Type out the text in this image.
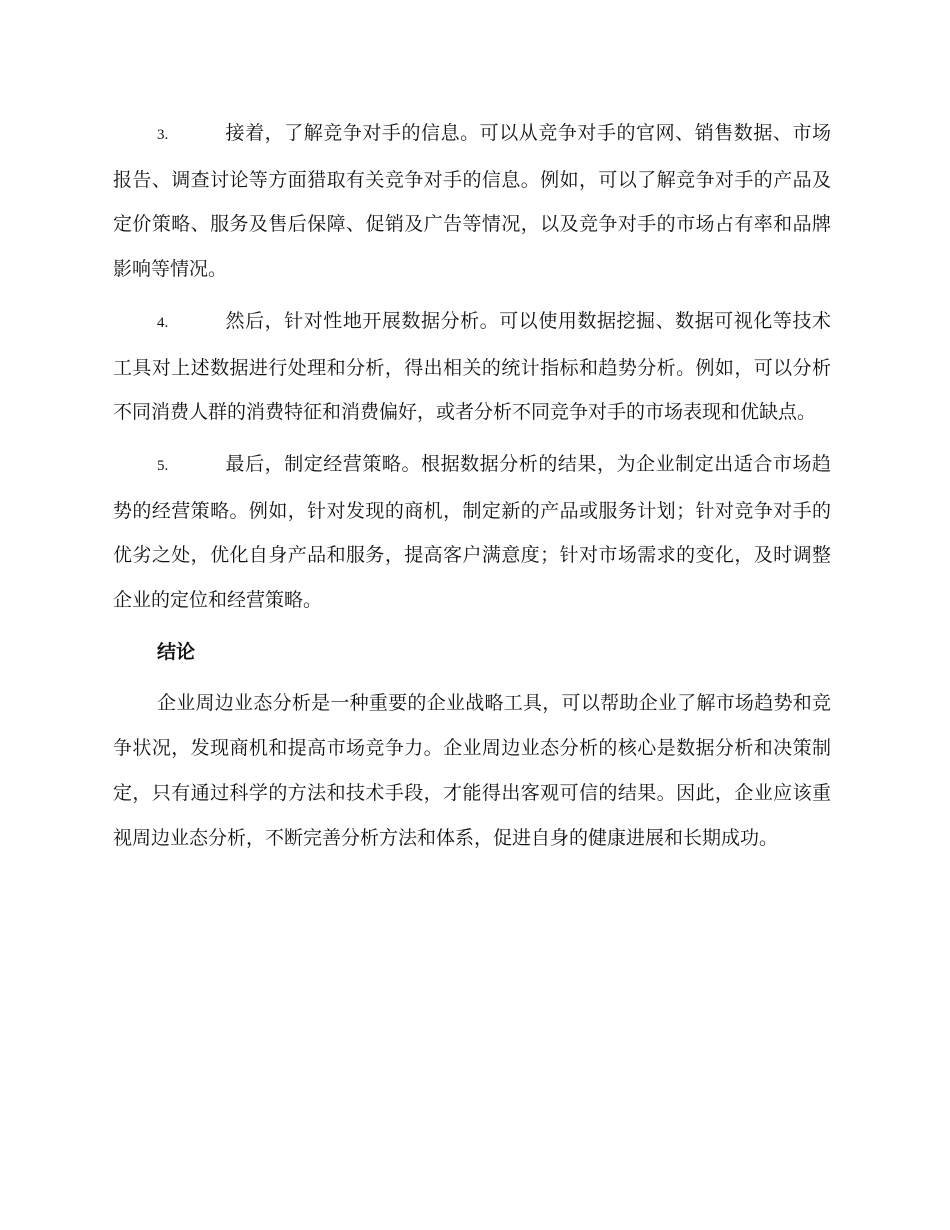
3.	接着，了解竞争对手的信息。可以从竞争对手的官网、销售数据、市场报告、调查讨论等方面猎取有关竞争对手的信息。例如，可以了解竞争对手的产品及定价策略、服务及售后保障、促销及广告等情况，以及竞争对手的市场占有率和品牌影响等情况。

4.	然后，针对性地开展数据分析。可以使用数据挖掘、数据可视化等技术工具对上述数据进行处理和分析，得出相关的统计指标和趋势分析。例如，可以分析不同消费人群的消费特征和消费偏好，或者分析不同竞争对手的市场表现和优缺点。

5.	最后，制定经营策略。根据数据分析的结果，为企业制定出适合市场趋势的经营策略。例如，针对发现的商机，制定新的产品或服务计划；针对竞争对手的优劣之处，优化自身产品和服务，提高客户满意度；针对市场需求的变化，及时调整企业的定位和经营策略。

结论

企业周边业态分析是一种重要的企业战略工具，可以帮助企业了解市场趋势和竞争状况，发现商机和提高市场竞争力。企业周边业态分析的核心是数据分析和决策制定，只有通过科学的方法和技术手段，才能得出客观可信的结果。因此，企业应该重视周边业态分析，不断完善分析方法和体系，促进自身的健康进展和长期成功。
